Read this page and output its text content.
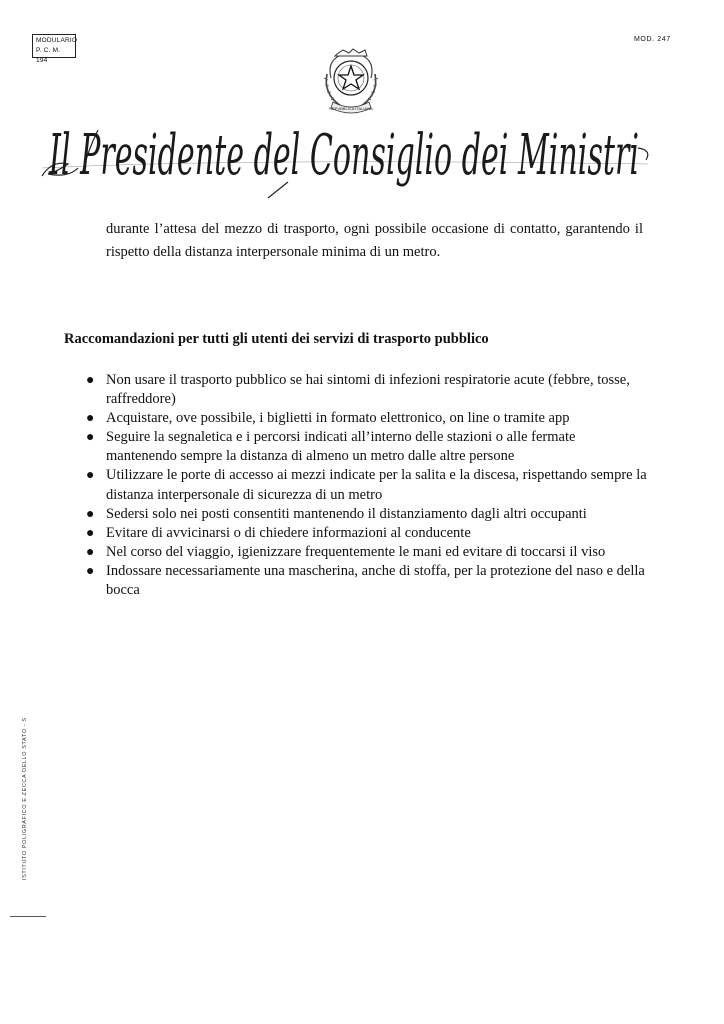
MODULARIO
P. C. M. 194
MOD. 247
REPVBBLICA ITALIANA
Il Presidente del Consiglio dei Ministri
durante l’attesa del mezzo di trasporto, ogni possibile occasione di contatto, garantendo il rispetto della distanza interpersonale minima di un metro.
Raccomandazioni per tutti gli utenti dei servizi di trasporto pubblico
● Non usare il trasporto pubblico se hai sintomi di infezioni respiratorie acute (febbre, tosse, raffreddore)
● Acquistare, ove possibile, i biglietti in formato elettronico, on line o tramite app
● Seguire la segnaletica e i percorsi indicati all’interno delle stazioni o alle fermate mantenendo sempre la distanza di almeno un metro dalle altre persone
● Utilizzare le porte di accesso ai mezzi indicate per la salita e la discesa, rispettando sempre la distanza interpersonale di sicurezza di un metro
● Sedersi solo nei posti consentiti mantenendo il distanziamento dagli altri occupanti
● Evitare di avvicinarsi o di chiedere informazioni al conducente
● Nel corso del viaggio, igienizzare frequentemente le mani ed evitare di toccarsi il viso
● Indossare necessariamente una mascherina, anche di stoffa, per la protezione del naso e della bocca
ISTITUTO POLIGRAFICO E ZECCA DELLO STATO - S
